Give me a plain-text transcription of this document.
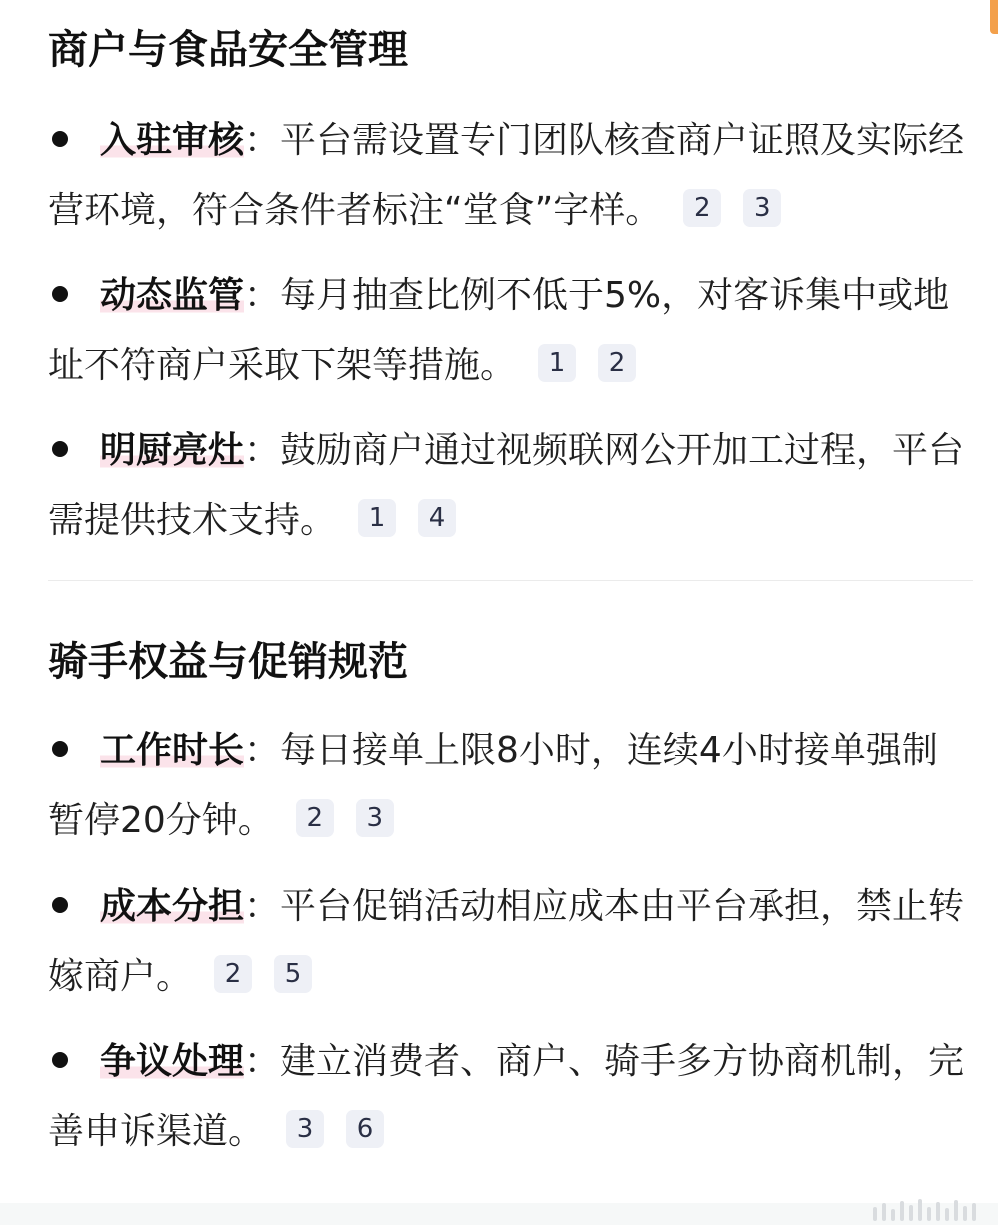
商户与食品安全管理
入驻审核：平台需设置专门团队核查商户证照及实际经营环境，符合条件者标注“堂食”字样。 2 3
动态监管：每月抽查比例不低于5%，对客诉集中或地址不符商户采取下架等措施。 1 2
明厨亮灶：鼓励商户通过视频联网公开加工过程，平台需提供技术支持。 1 4
骑手权益与促销规范
工作时长：每日接单上限8小时，连续4小时接单强制暂停20分钟。 2 3
成本分担：平台促销活动相应成本由平台承担，禁止转嫁商户。 2 5
争议处理：建立消费者、商户、骑手多方协商机制，完善申诉渠道。 3 6
